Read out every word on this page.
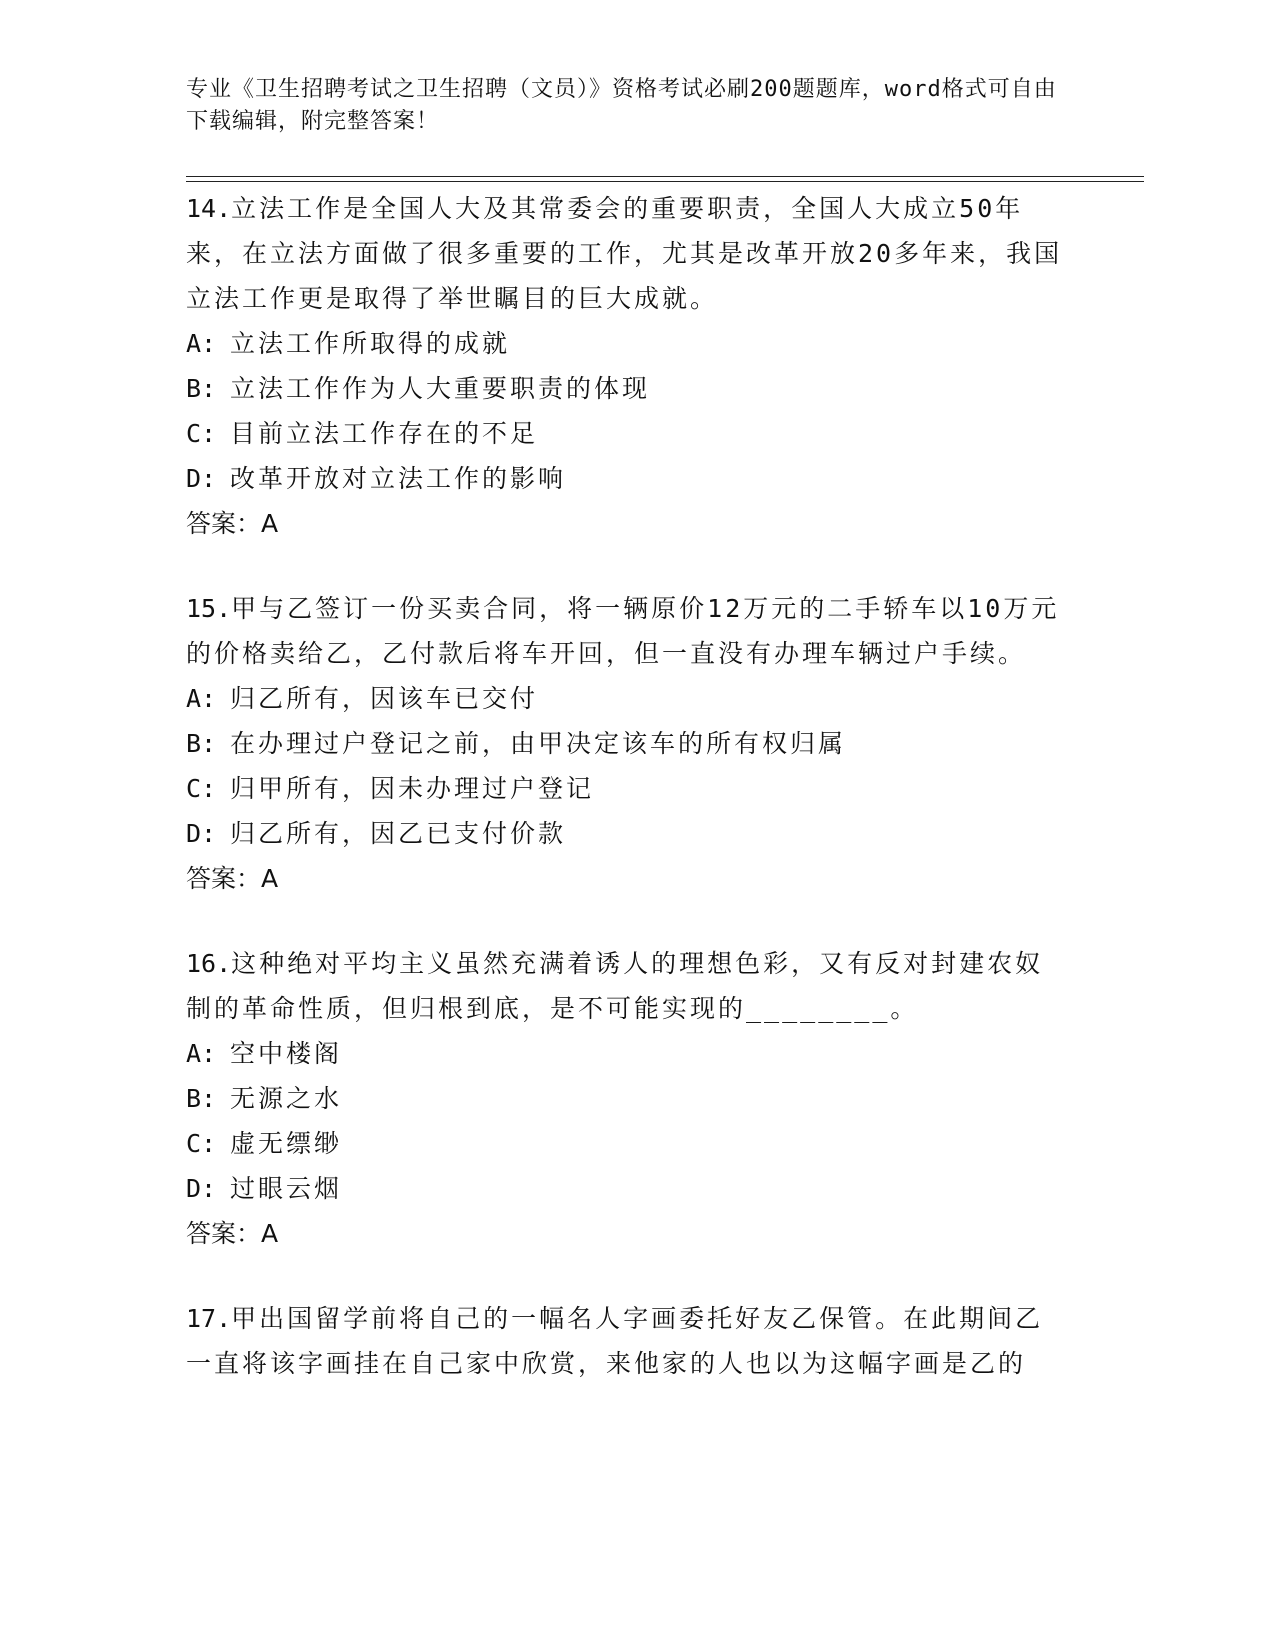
专业《卫生招聘考试之卫生招聘（文员）》资格考试必刷200题题库，word格式可自由下载编辑，附完整答案！

14.立法工作是全国人大及其常委会的重要职责，全国人大成立50年来，在立法方面做了很多重要的工作，尤其是改革开放20多年来，我国立法工作更是取得了举世瞩目的巨大成就。

A: 立法工作所取得的成就

B: 立法工作作为人大重要职责的体现

C: 目前立法工作存在的不足

D: 改革开放对立法工作的影响

答案：A

15.甲与乙签订一份买卖合同，将一辆原价12万元的二手轿车以10万元的价格卖给乙，乙付款后将车开回，但一直没有办理车辆过户手续。

A: 归乙所有，因该车已交付

B: 在办理过户登记之前，由甲决定该车的所有权归属

C: 归甲所有，因未办理过户登记

D: 归乙所有，因乙已支付价款

答案：A

16.这种绝对平均主义虽然充满着诱人的理想色彩，又有反对封建农奴制的革命性质，但归根到底，是不可能实现的________。

A: 空中楼阁

B: 无源之水

C: 虚无缥缈

D: 过眼云烟

答案：A

17.甲出国留学前将自己的一幅名人字画委托好友乙保管。在此期间乙一直将该字画挂在自己家中欣赏，来他家的人也以为这幅字画是乙的
